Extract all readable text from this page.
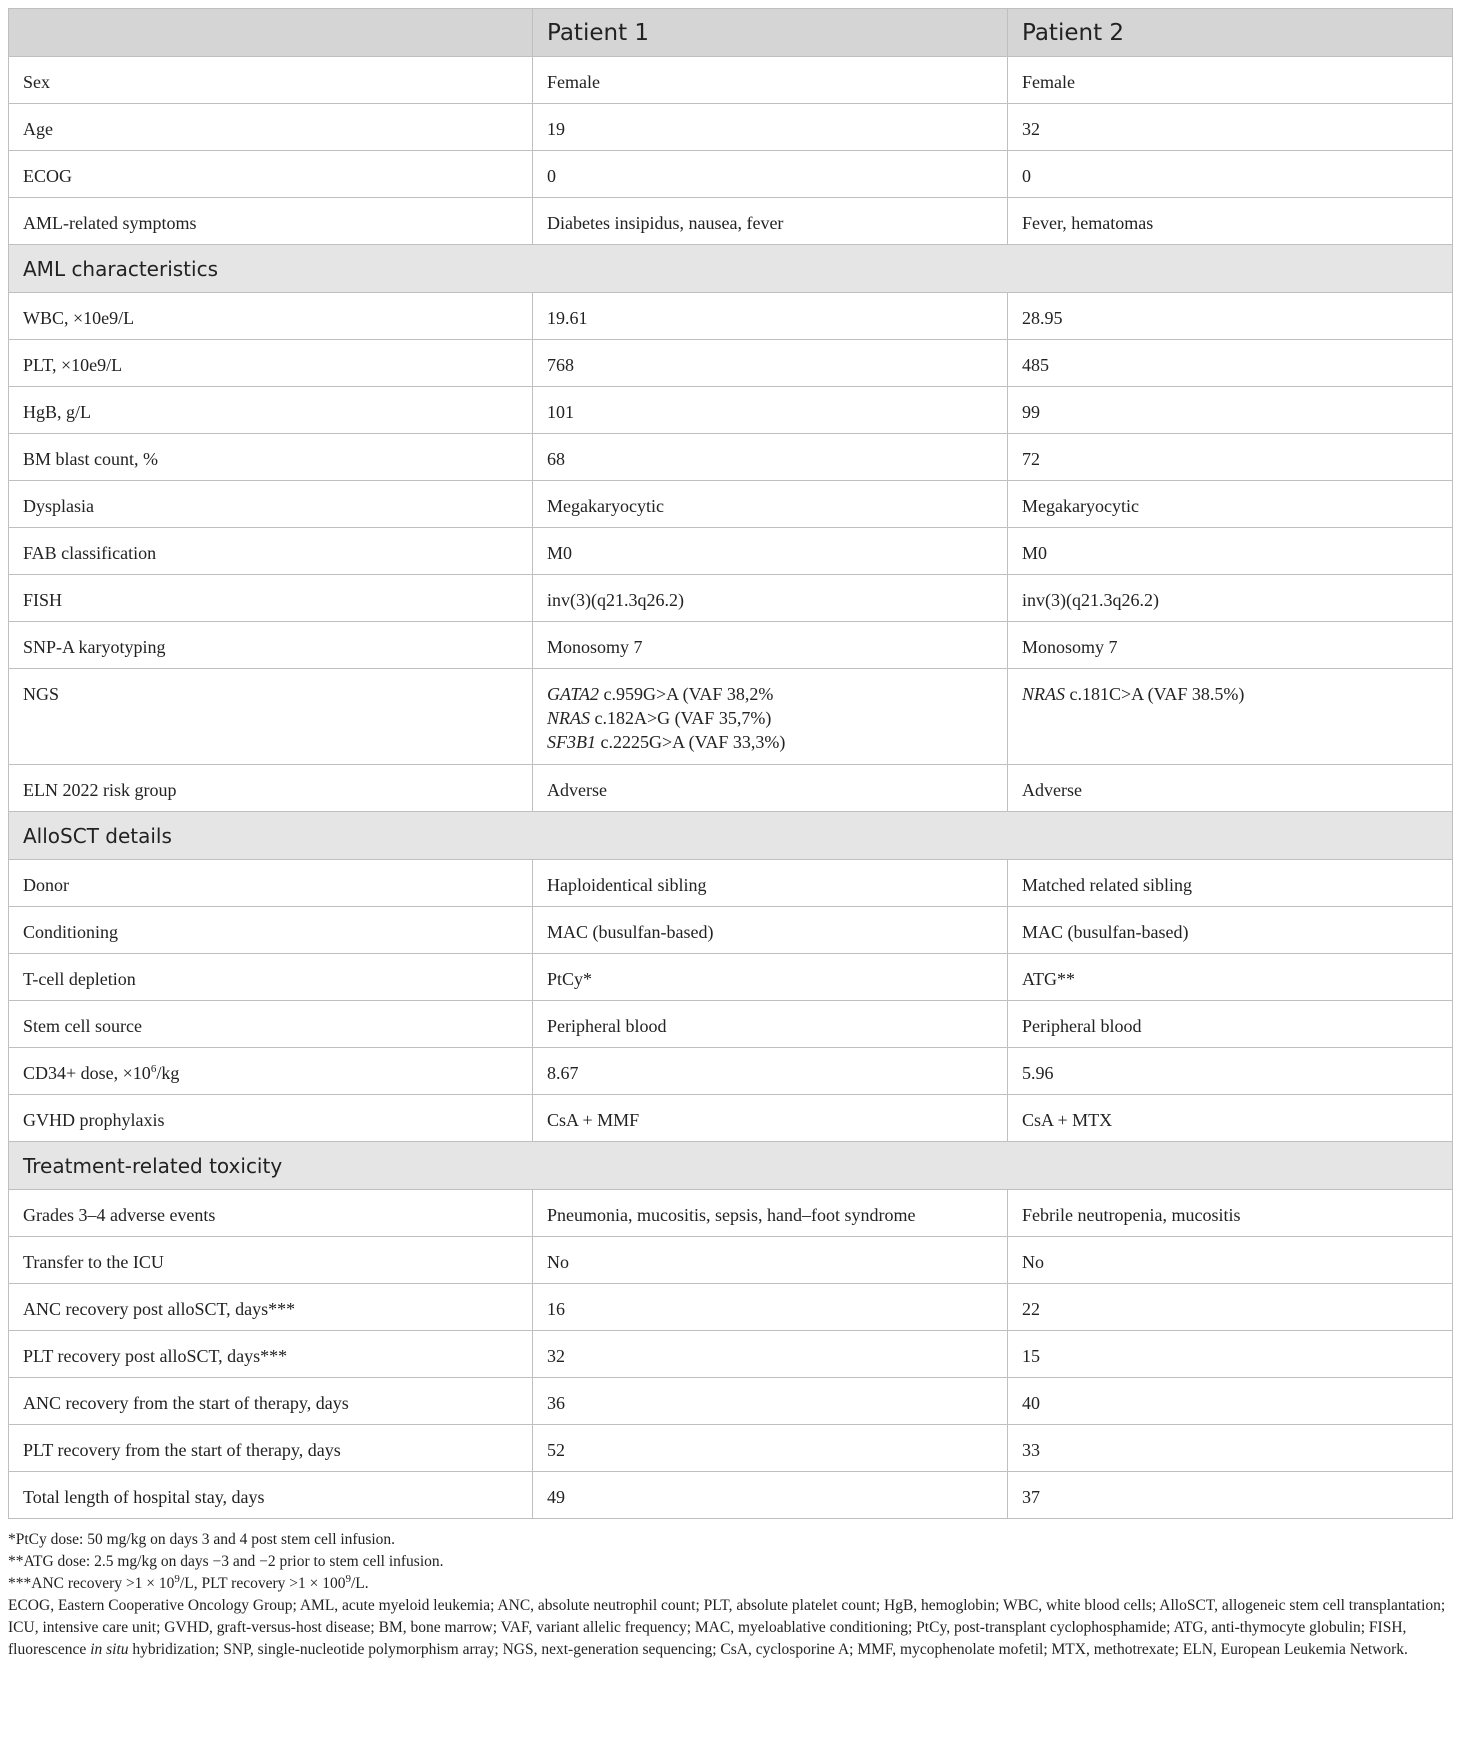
	Patient 1	Patient 2
Sex	Female	Female
Age	19	32
ECOG	0	0
AML-related symptoms	Diabetes insipidus, nausea, fever	Fever, hematomas
AML characteristics		
WBC, ×10e9/L	19.61	28.95
PLT, ×10e9/L	768	485
HgB, g/L	101	99
BM blast count, %	68	72
Dysplasia	Megakaryocytic	Megakaryocytic
FAB classification	M0	M0
FISH	inv(3)(q21.3q26.2)	inv(3)(q21.3q26.2)
SNP-A karyotyping	Monosomy 7	Monosomy 7
NGS	GATA2 c.959G>A (VAF 38,2%
NRAS c.182A>G (VAF 35,7%)
SF3B1 c.2225G>A (VAF 33,3%)	NRAS c.181C>A (VAF 38.5%)

ELN 2022 risk group	Adverse	Adverse
AlloSCT details		
Donor	Haploidentical sibling	Matched related sibling
Conditioning	MAC (busulfan-based)	MAC (busulfan-based)
T-cell depletion	PtCy*	ATG**
Stem cell source	Peripheral blood	Peripheral blood
CD34+ dose, $\times 10^6/kg$	8.67	5.96
GVHD prophylaxis	CsA + MMF	CsA + MTX
Treatment-related toxicity		
Grades 3–4 adverse events	Pneumonia, mucositis, sepsis, hand–foot syndrome	Febrile neutropenia, mucositis
Transfer to the ICU	No	No
ANC recovery post alloSCT, days***	16	22
PLT recovery post alloSCT, days***	32	15
ANC recovery from the start of therapy, days	36	40
PLT recovery from the start of therapy, days	52	33
Total length of hospital stay, days	49	37

*PtCy dose: 50 mg/kg on days 3 and 4 post stem cell infusion.

**ATG dose: 2.5 mg/kg on days −3 and −2 prior to stem cell infusion.

***ANC recovery $>1 \times 10^9/L$, PLT recovery $>1 \times 100^9/L$.

ECOG, Eastern Cooperative Oncology Group; AML, acute myeloid leukemia; ANC, absolute neutrophil count; PLT, absolute platelet count; HgB, hemoglobin; WBC, white blood cells; AlloSCT, allogeneic stem cell transplantation; ICU, intensive care unit; GVHD, graft-versus-host disease; BM, bone marrow; VAF, variant allelic frequency; MAC, myeloablative conditioning; PtCy, post-transplant cyclophosphamide; ATG, anti-thymocyte globulin; FISH, fluorescence in situ hybridization; SNP, single-nucleotide polymorphism array; NGS, next-generation sequencing; CsA, cyclosporine A; MMF, mycophenolate mofetil; MTX, methotrexate; ELN, European Leukemia Network.
